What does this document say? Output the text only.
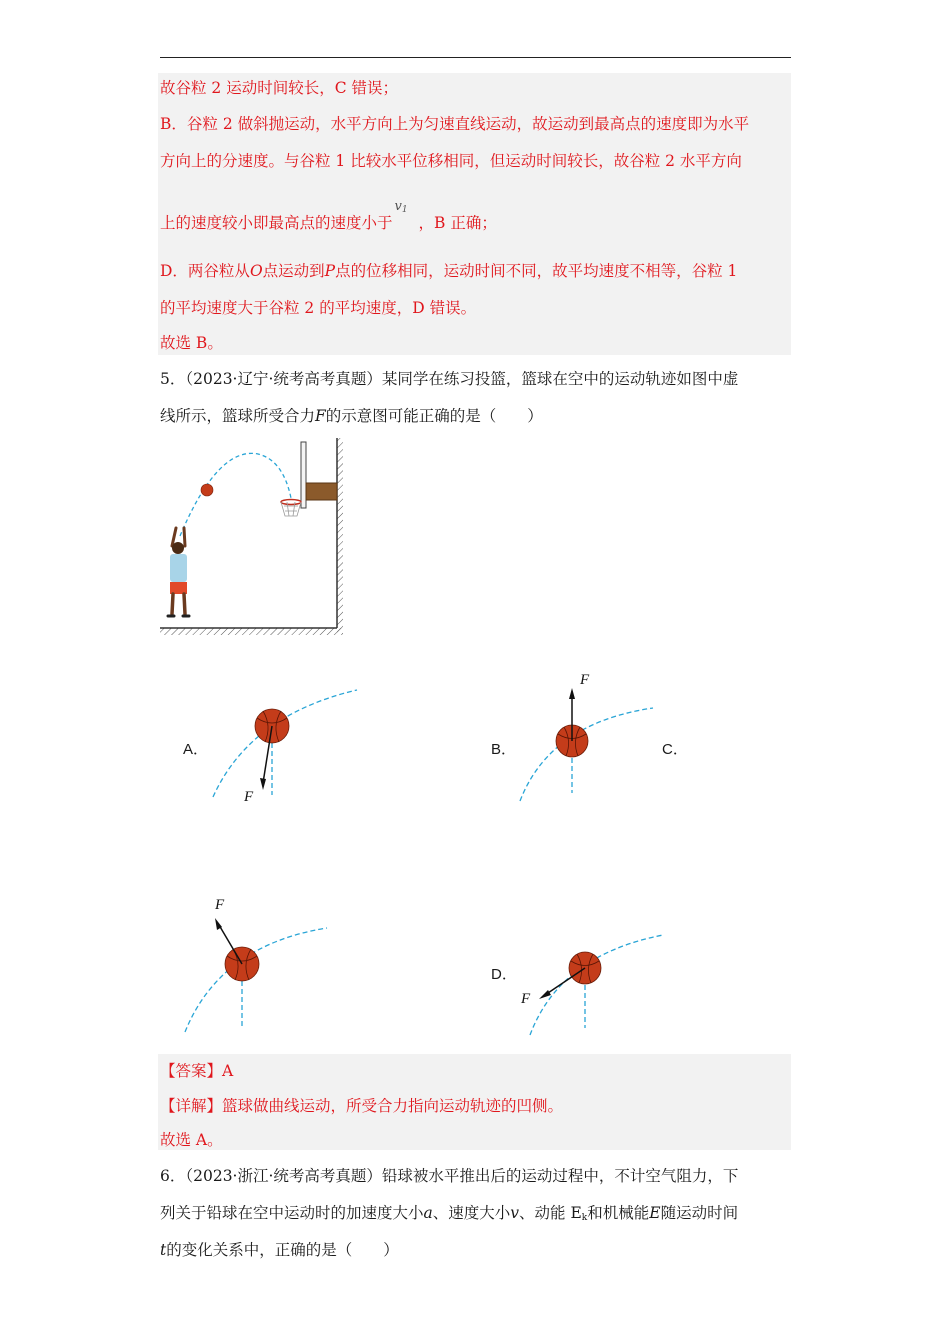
故谷粒 2 运动时间较长，C 错误；
B．谷粒 2 做斜抛运动，水平方向上为匀速直线运动，故运动到最高点的速度即为水平
方向上的分速度。与谷粒 1 比较水平位移相同，但运动时间较长，故谷粒 2 水平方向
上的速度较小即最高点的速度小于
$v_1$
，B 正确；
D．两谷粒从O点运动到P点的位移相同，运动时间不同，故平均速度不相等，谷粒 1
的平均速度大于谷粒 2 的平均速度，D 错误。
故选 B。
5．（2023·辽宁·统考高考真题）某同学在练习投篮，篮球在空中的运动轨迹如图中虚
线所示，篮球所受合力F的示意图可能正确的是（　　）
A．
F
B．
F
C．
F
D．
F
【答案】A
【详解】篮球做曲线运动，所受合力指向运动轨迹的凹侧。
故选 A。
6．（2023·浙江·统考高考真题）铅球被水平推出后的运动过程中，不计空气阻力，下
列关于铅球在空中运动时的加速度大小a、速度大小v、动能 $E_k$和机械能E随运动时间
t的变化关系中，正确的是（　　）
